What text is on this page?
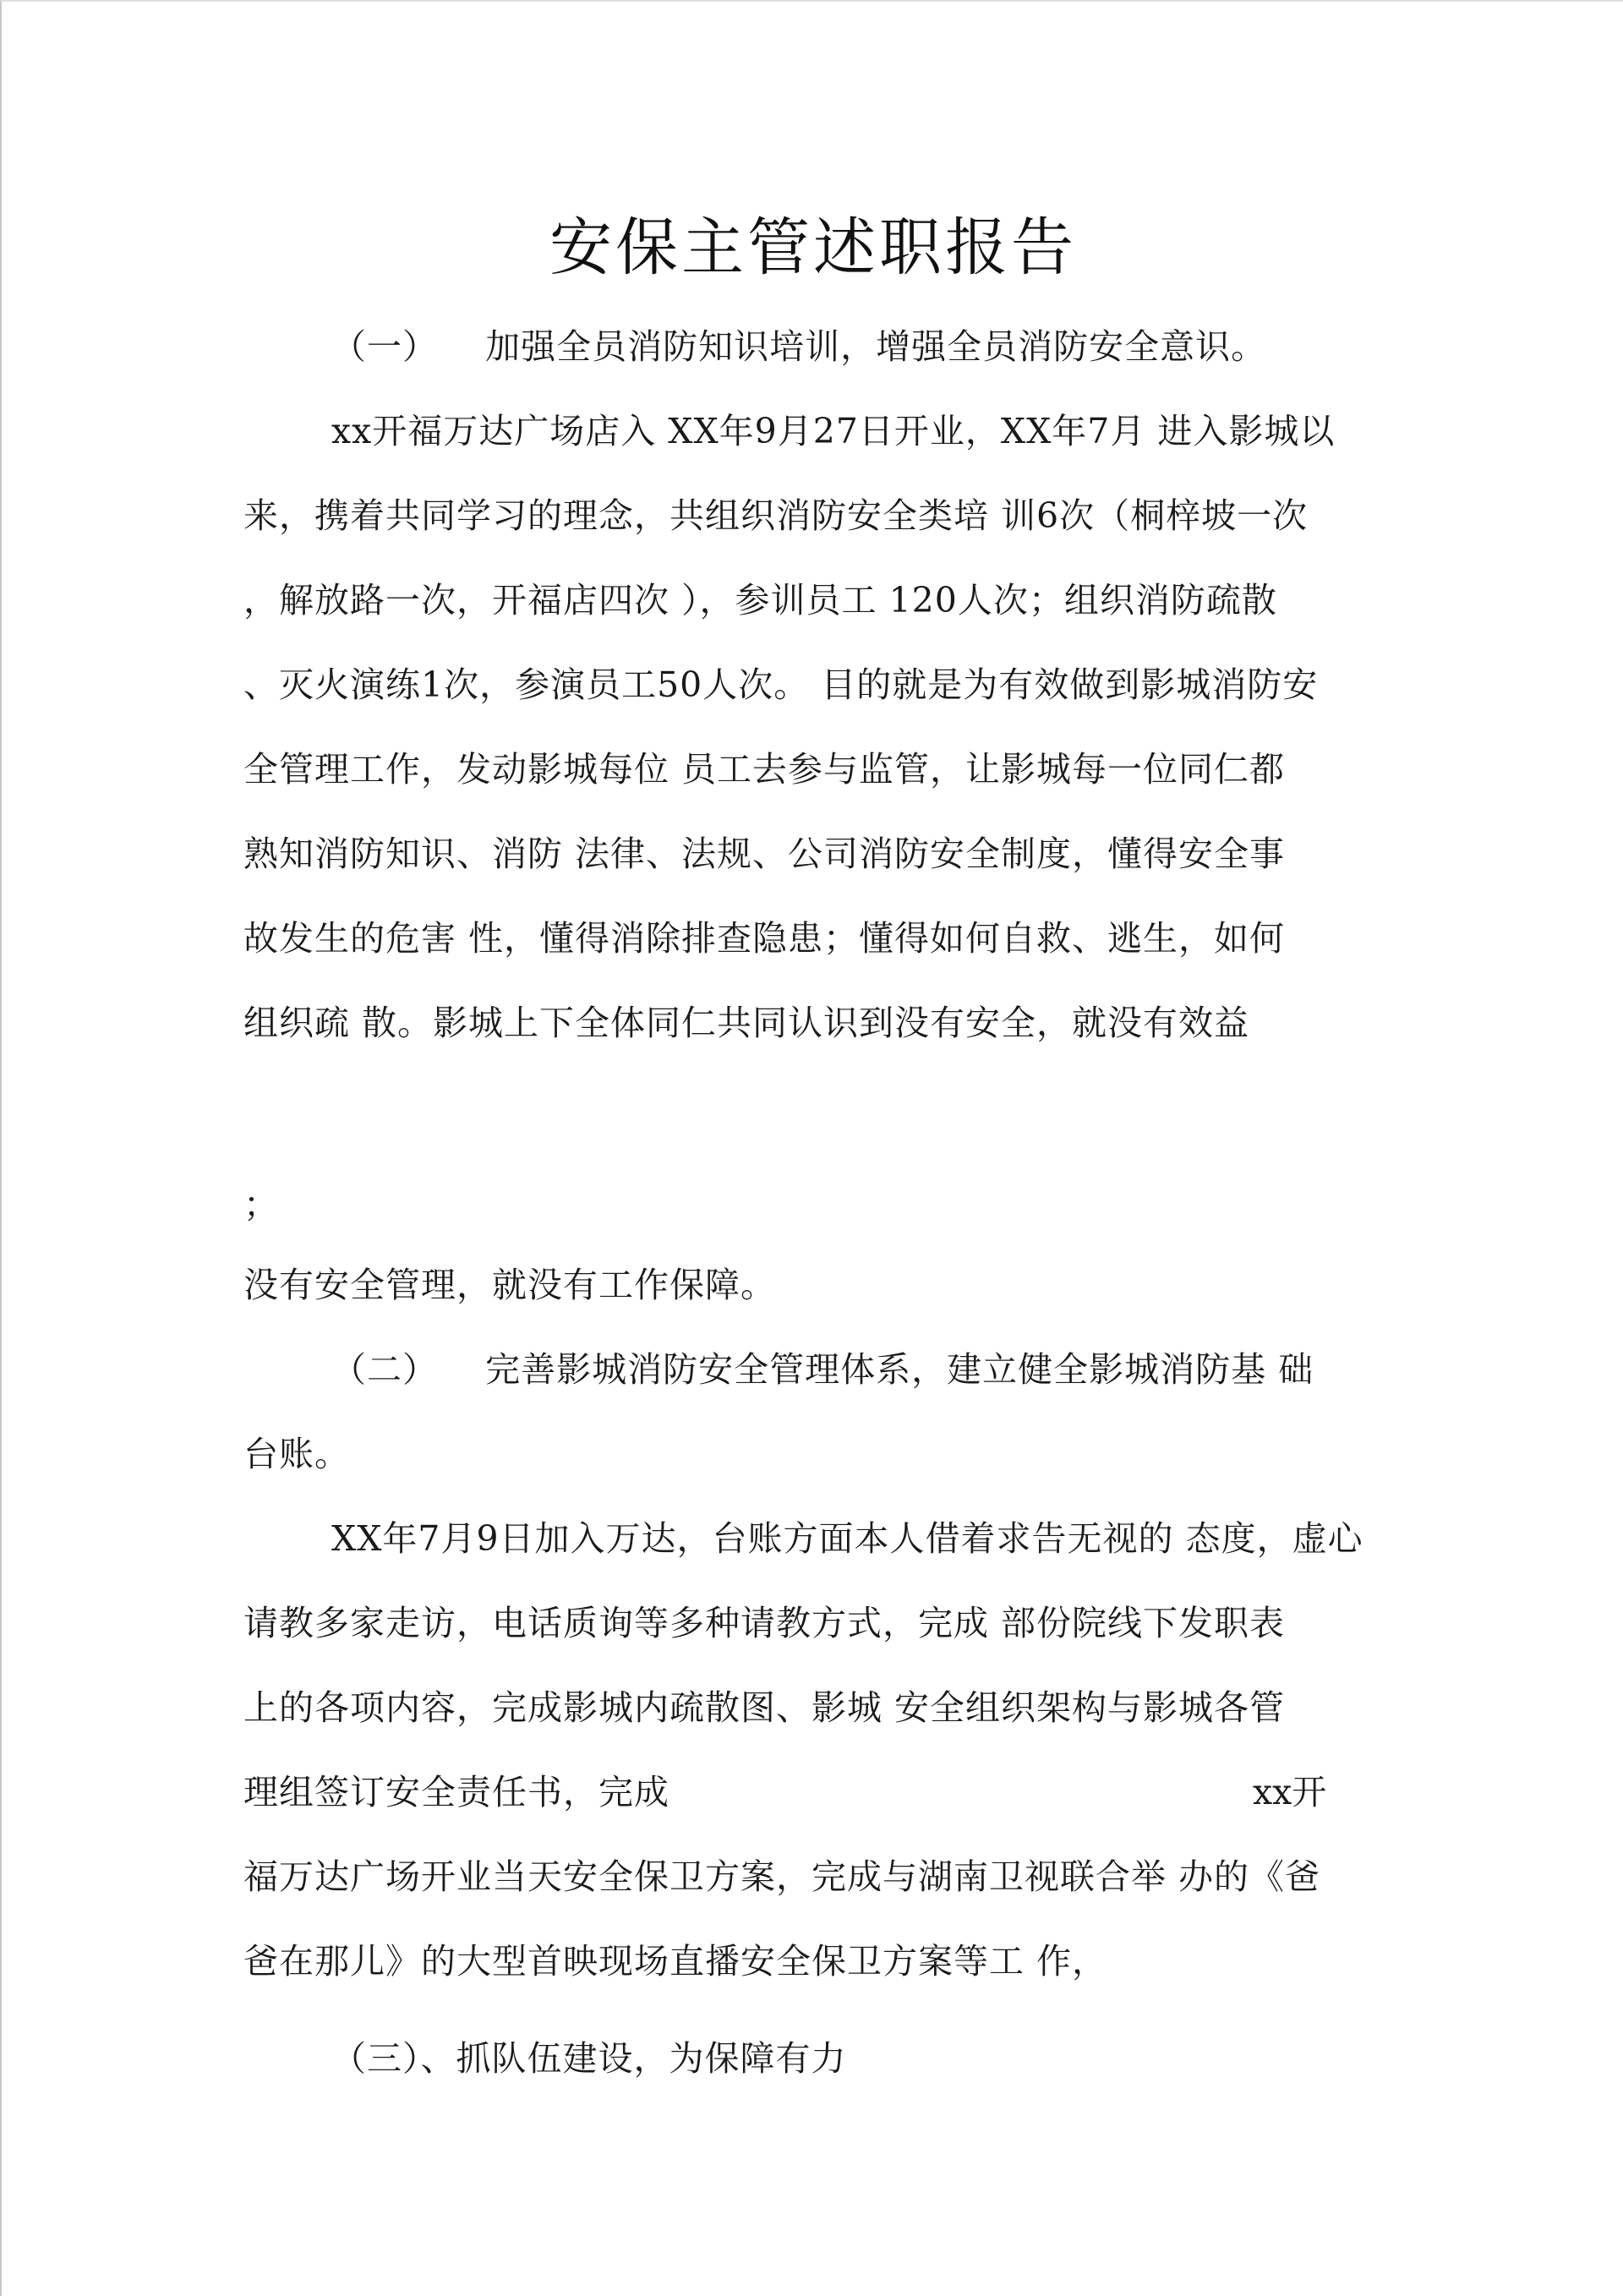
安保主管述职报告
（一）    加强全员消防知识培训，增强全员消防安全意识。
xx开福万达广场店入 XX年9月27日开业，XX年7月 进入影城以
来，携着共同学习的理念，共组织消防安全类培 训6次（桐梓坡一次
，解放路一次，开福店四次 ），参训员工 120人次；组织消防疏散
、灭火演练1次，参演员工50人次。 目的就是为有效做到影城消防安
全管理工作，发动影城每位 员工去参与监管，让影城每一位同仁都
熟知消防知识、消防 法律、法规、公司消防安全制度，懂得安全事
故发生的危害 性，懂得消除排查隐患；懂得如何自救、逃生，如何
组织疏 散。影城上下全体同仁共同认识到没有安全，就没有效益
；
没有安全管理，就没有工作保障。
（二）    完善影城消防安全管理体系，建立健全影城消防基 础
台账。
XX年7月9日加入万达，台账方面本人借着求告无视的 态度，虚心
请教多家走访，电话质询等多种请教方式，完成 部份院线下发职表
上的各项内容，完成影城内疏散图、影城 安全组织架构与影城各管
理组签订安全责任书，完成	xx开
福万达广场开业当天安全保卫方案，完成与湖南卫视联合举 办的《爸
爸在那儿》的大型首映现场直播安全保卫方案等工 作，
（三）、抓队伍建设，为保障有力
